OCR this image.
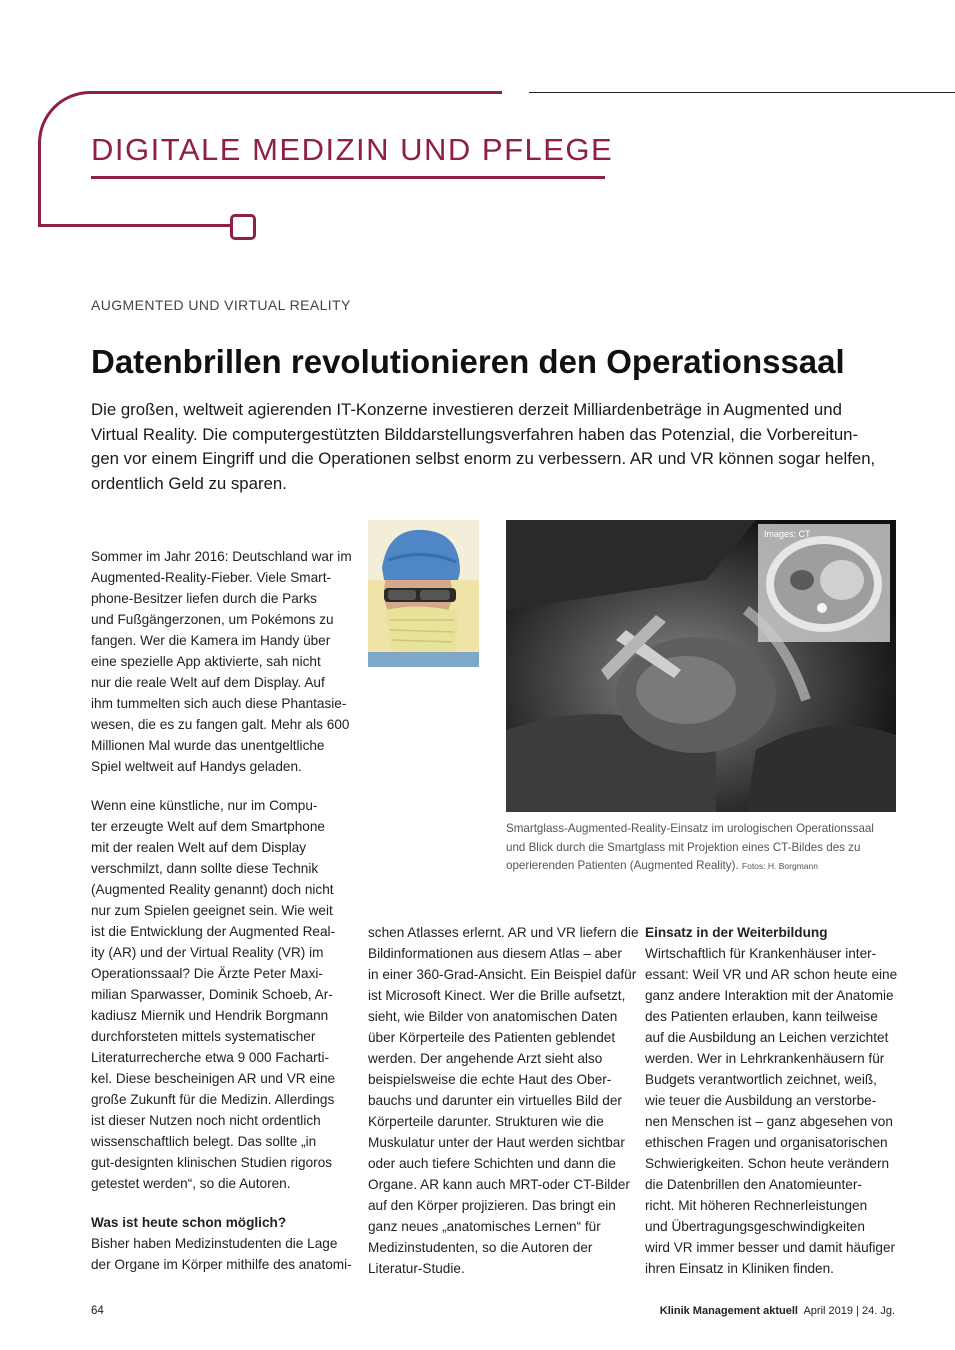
DIGITALE MEDIZIN UND PFLEGE
AUGMENTED UND VIRTUAL REALITY
Datenbrillen revolutionieren den Operationssaal

Die großen, weltweit agierenden IT-Konzerne investieren derzeit Milliardenbeträge in Augmented und

Virtual Reality. Die computergestützten Bilddarstellungsverfahren haben das Potenzial, die Vorbereitun-

gen vor einem Eingriff und die Operationen selbst enorm zu verbessern. AR und VR können sogar helfen,

ordentlich Geld zu sparen.

Sommer im Jahr 2016: Deutschland war im

Augmented-Reality-Fieber. Viele Smart-

phone-Besitzer liefen durch die Parks

und Fußgängerzonen, um Pokémons zu

fangen. Wer die Kamera im Handy über

eine spezielle App aktivierte, sah nicht

nur die reale Welt auf dem Display. Auf

ihm tummelten sich auch diese Phantasie-

wesen, die es zu fangen galt. Mehr als 600

Millionen Mal wurde das unentgeltliche

Spiel weltweit auf Handys geladen.

Wenn eine künstliche, nur im Compu-

ter erzeugte Welt auf dem Smartphone

mit der realen Welt auf dem Display

verschmilzt, dann sollte diese Technik

(Augmented Reality genannt) doch nicht

nur zum Spielen geeignet sein. Wie weit

ist die Entwicklung der Augmented Real-

ity (AR) und der Virtual Reality (VR) im

Operationssaal? Die Ärzte Peter Maxi-

milian Sparwasser, Dominik Schoeb, Ar-

kadiusz Miernik und Hendrik Borgmann

durchforsteten mittels systematischer

Literaturrecherche etwa 9 000 Facharti-

kel. Diese bescheinigen AR und VR eine

große Zukunft für die Medizin. Allerdings

ist dieser Nutzen noch nicht ordentlich

wissenschaftlich belegt. Das sollte „in

gut-designten klinischen Studien rigoros

getestet werden“, so die Autoren.

Was ist heute schon möglich?

Bisher haben Medizinstudenten die Lage

der Organe im Körper mithilfe des anatomi-

Images: CT

Smartglass-Augmented-Reality-Einsatz im urologischen Operationssaal

und Blick durch die Smartglass mit Projektion eines CT-Bildes des zu

operierenden Patienten (Augmented Reality). Fotos: H. Borgmann

schen Atlasses erlernt. AR und VR liefern die

Bildinformationen aus diesem Atlas – aber

in einer 360-Grad-Ansicht. Ein Beispiel dafür

ist Microsoft Kinect. Wer die Brille aufsetzt,

sieht, wie Bilder von anatomischen Daten

über Körperteile des Patienten geblendet

werden. Der angehende Arzt sieht also

beispielsweise die echte Haut des Ober-

bauchs und darunter ein virtuelles Bild der

Körperteile darunter. Strukturen wie die

Muskulatur unter der Haut werden sichtbar

oder auch tiefere Schichten und dann die

Organe. AR kann auch MRT-oder CT-Bilder

auf den Körper projizieren. Das bringt ein

ganz neues „anatomisches Lernen“ für

Medizinstudenten, so die Autoren der

Literatur-Studie.

Einsatz in der Weiterbildung

Wirtschaftlich für Krankenhäuser inter-

essant: Weil VR und AR schon heute eine

ganz andere Interaktion mit der Anatomie

des Patienten erlauben, kann teilweise

auf die Ausbildung an Leichen verzichtet

werden. Wer in Lehrkrankenhäusern für

Budgets verantwortlich zeichnet, weiß,

wie teuer die Ausbildung an verstorbe-

nen Menschen ist – ganz abgesehen von

ethischen Fragen und organisatorischen

Schwierigkeiten. Schon heute verändern

die Datenbrillen den Anatomieunter-

richt. Mit höheren Rechnerleistungen

und Übertragungsgeschwindigkeiten

wird VR immer besser und damit häufiger

ihren Einsatz in Kliniken finden.

64	Klinik Management aktuell April 2019 | 24. Jg.
